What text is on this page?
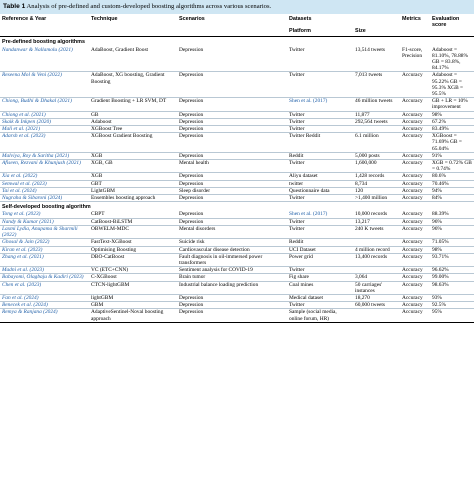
Table 1 Analysis of pre-defined and custom-developed boosting algorithms across various scenarios.
Reference & Year	Technique	Scenarios	Datasets		Metrics	Evaluation score
			Platform	Size		
Pre-defined boosting algorithms						
Nandanwar & Nallamolu (2021)	AdaBoost, Gradient Boost	Depression	Twitter	13,514 tweets	F1-score, Precision	Adaboost = 81.10%, 78.88% GB = 83.8%, 84.17%
Reseena Mol & Veni (2022)	AdaBoost, XG boosting, Gradient Boosting	Depression	Twitter	7,013 tweets	Accuracy	Adaboost = 95.22% GB = 95.3% XGB = 95.5%
Chiong, Budhi & Dhakal (2021)	Gradient Boosting + LR SVM, DT	Depression	Shen et al. (2017)	46 million tweets	Accuracy	GB + LR = 10% improvement
Chiong et al. (2021)	GB	Depression	Twitter	11,877	Accuracy	98%
Skaik & Inkpen (2020)	Adaboost	Depression	Twitter	292,564 tweets	Accuracy	67.2%
Mali et al. (2021)	XGBoost Tree	Depression	Twitter		Accuracy	83.49%
Adarsh et al. (2023)	XGBoost Gradient Boosting	Depression	Twitter Reddit	6.1 million	Accuracy	XGBoost = 71.69% GB = 65.04%
Malviya, Roy & Saritha (2021)	XGB	Depression	Reddit	5,000 posts	Accuracy	91%
Afiseen, Rezvani & Khunjush (2021)	XGB, GB	Mental health	Twitter	1,600,000	Accuracy	XGB = 0.72% GB = 0.74%
Xia et al. (2022)	XGB	Depression	Aliyu dataset	1,428 records	Accuracy	80.6%
Semwal et al. (2023)	GBT	Depression	twitter	8,734	Accuracy	70.46%
Tai et al. (2024)	LightGBM	Sleep disorder	Questionnaire data	120	Accuracy	94%
Nugraha & Sibaroni (2024)	Ensembles boosting approach	Depression	Twitter	>1,400 million	Accuracy	84%
Self-developed boosting algorithm						
Tong et al. (2023)	CBPT	Depression	Shen et al. (2017)	10,000 records	Accuracy	88.39%
Nandy & Kumar (2021)	CatBoost-BiLSTM	Depression	Twitter	13,217	Accuracy	96%
Laxmi Lydia, Anupama & Sharmili (2022)	OBWELM-MDC	Mental disorders	Twitter	240 K tweets	Accuracy	96%
Ghosal & Jain (2022)	FastText-XGBoost	Suicide risk	Reddit		Accuracy	71.05%
Kiran et al. (2023)	Optimising Boosting	Cardiovascular disease detection	UCI Dataset	4 million record	Accuracy	98%
Zhang et al. (2021)	DBO-CatBoost	Fault diagnosis in oil-immersed power transformers	Power grid	13,400 records	Accuracy	93.71%
Madni et al. (2023)	VC (ETC+CNN)	Sentiment analysis for COVID-19	Twitter		Accuracy	96.62%
Babayomi, Olagbaju & Kadiri (2023)	C-XGBoost	Brain tumor	Fig share	3,064	Accuracy	99.00%
Chen et al. (2023)	CTCN-lightGBM	Industrial balance loading prediction	Coal mines	50 carriages' instances	Accuracy	98.63%
Fan et al. (2024)	lightGBM	Depression	Medical dataset	18,270	Accuracy	93%
Benecek et al. (2024)	GBM	Depression	Twitter	60,000 tweets	Accuracy	92.5%
Remya & Ranjana (2024)	AdaptiveSentinel-Noval boosting approach	Depression	Sample (social media, online forum, HR)		Accuracy	95%
